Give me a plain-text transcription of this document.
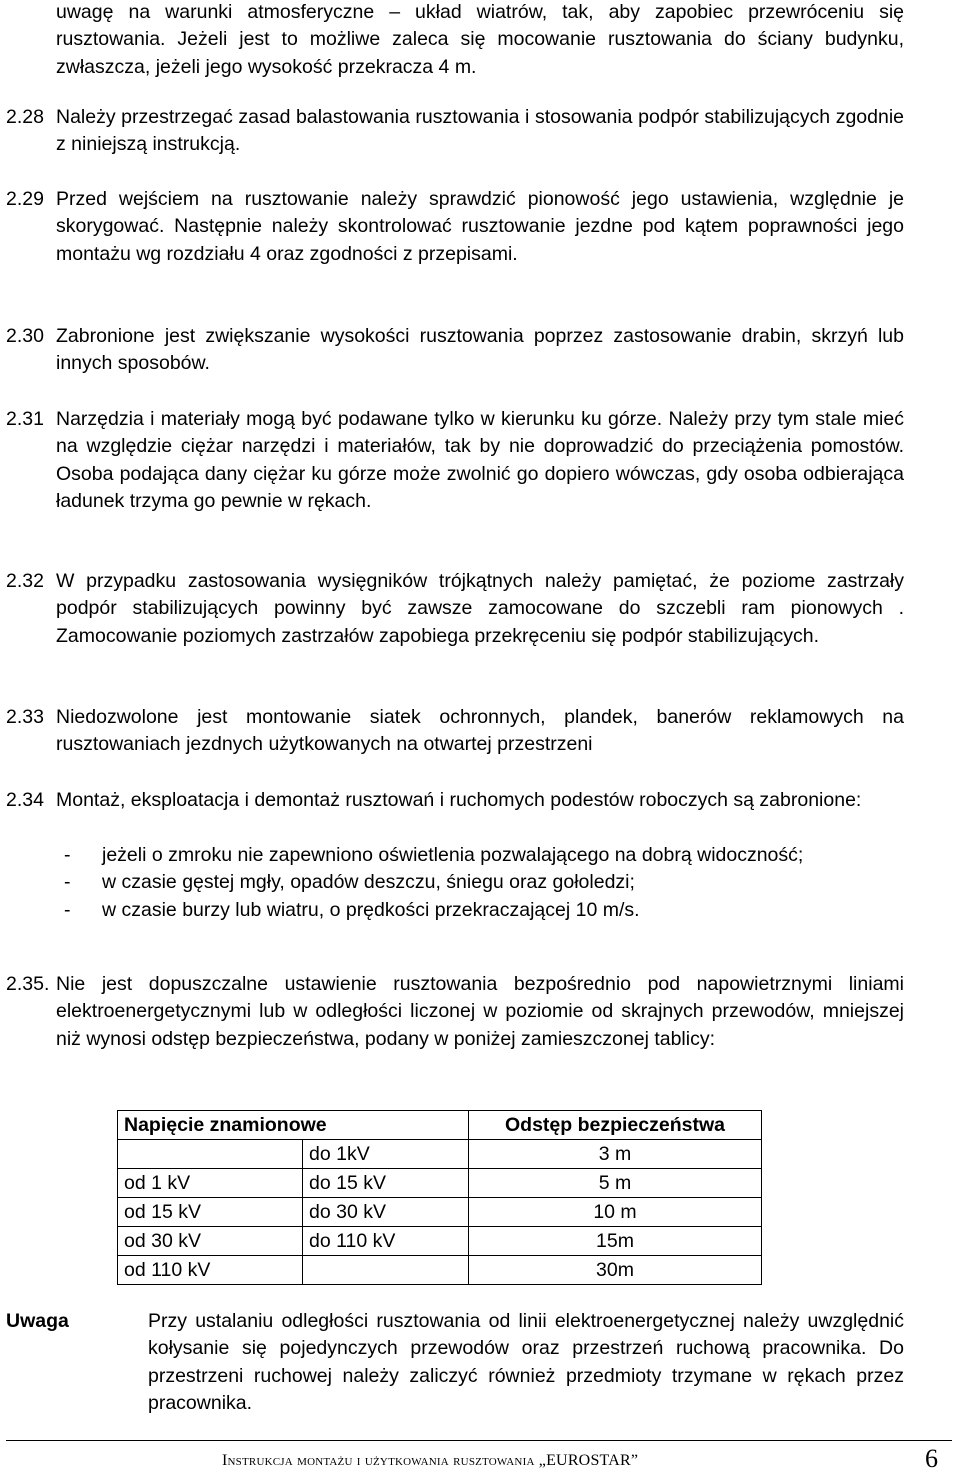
uwagę na warunki atmosferyczne – układ wiatrów, tak, aby zapobiec przewróceniu się rusztowania. Jeżeli jest to możliwe zaleca się mocowanie rusztowania do ściany budynku, zwłaszcza, jeżeli jego wysokość przekracza 4 m.

2.28 Należy przestrzegać zasad balastowania rusztowania i stosowania podpór stabilizujących zgodnie z niniejszą instrukcją.
2.29 Przed wejściem na rusztowanie należy sprawdzić pionowość jego ustawienia, względnie je skorygować. Następnie należy skontrolować rusztowanie jezdne pod kątem poprawności jego montażu wg rozdziału 4 oraz zgodności z przepisami.
2.30 Zabronione jest zwiększanie wysokości rusztowania poprzez zastosowanie drabin, skrzyń lub innych sposobów.
2.31 Narzędzia i materiały mogą być podawane tylko w kierunku ku górze. Należy przy tym stale mieć na względzie ciężar narzędzi i materiałów, tak by nie doprowadzić do przeciążenia pomostów. Osoba podająca dany ciężar ku górze może zwolnić go dopiero wówczas, gdy osoba odbierająca ładunek trzyma go pewnie w rękach.
2.32 W przypadku zastosowania wysięgników trójkątnych należy pamiętać, że poziome zastrzały podpór stabilizujących powinny być zawsze zamocowane do szczebli ram pionowych . Zamocowanie poziomych zastrzałów zapobiega przekręceniu się podpór stabilizujących.
2.33 Niedozwolone jest montowanie siatek ochronnych, plandek, banerów reklamowych na rusztowaniach jezdnych użytkowanych na otwartej przestrzeni
2.34 Montaż, eksploatacja i demontaż rusztowań i ruchomych podestów roboczych są zabronione:
- jeżeli o zmroku nie zapewniono oświetlenia pozwalającego na dobrą widoczność;
- w czasie gęstej mgły, opadów deszczu, śniegu oraz gołoledzi;
- w czasie burzy lub wiatru, o prędkości przekraczającej 10 m/s.
2.35. Nie jest dopuszczalne ustawienie rusztowania bezpośrednio pod napowietrznymi liniami elektroenergetycznymi lub w odległości liczonej w poziomie od skrajnych przewodów, mniejszej niż wynosi odstęp bezpieczeństwa, podany w poniżej zamieszczonej tablicy:
Napięcie znamionowe		Odstęp bezpieczeństwa
	do 1kV	3 m
od 1 kV	do 15 kV	5 m
od 15 kV	do 30 kV	10 m
od 30 kV	do 110 kV	15m
od 110 kV		30m
Uwaga	Przy ustalaniu odległości rusztowania od linii elektroenergetycznej należy uwzględnić kołysanie się pojedynczych przewodów oraz przestrzeń ruchową pracownika. Do przestrzeni ruchowej należy zaliczyć również przedmioty trzymane w rękach przez pracownika.

Instrukcja montażu i użytkowania rusztowania „EUROSTAR”	6
